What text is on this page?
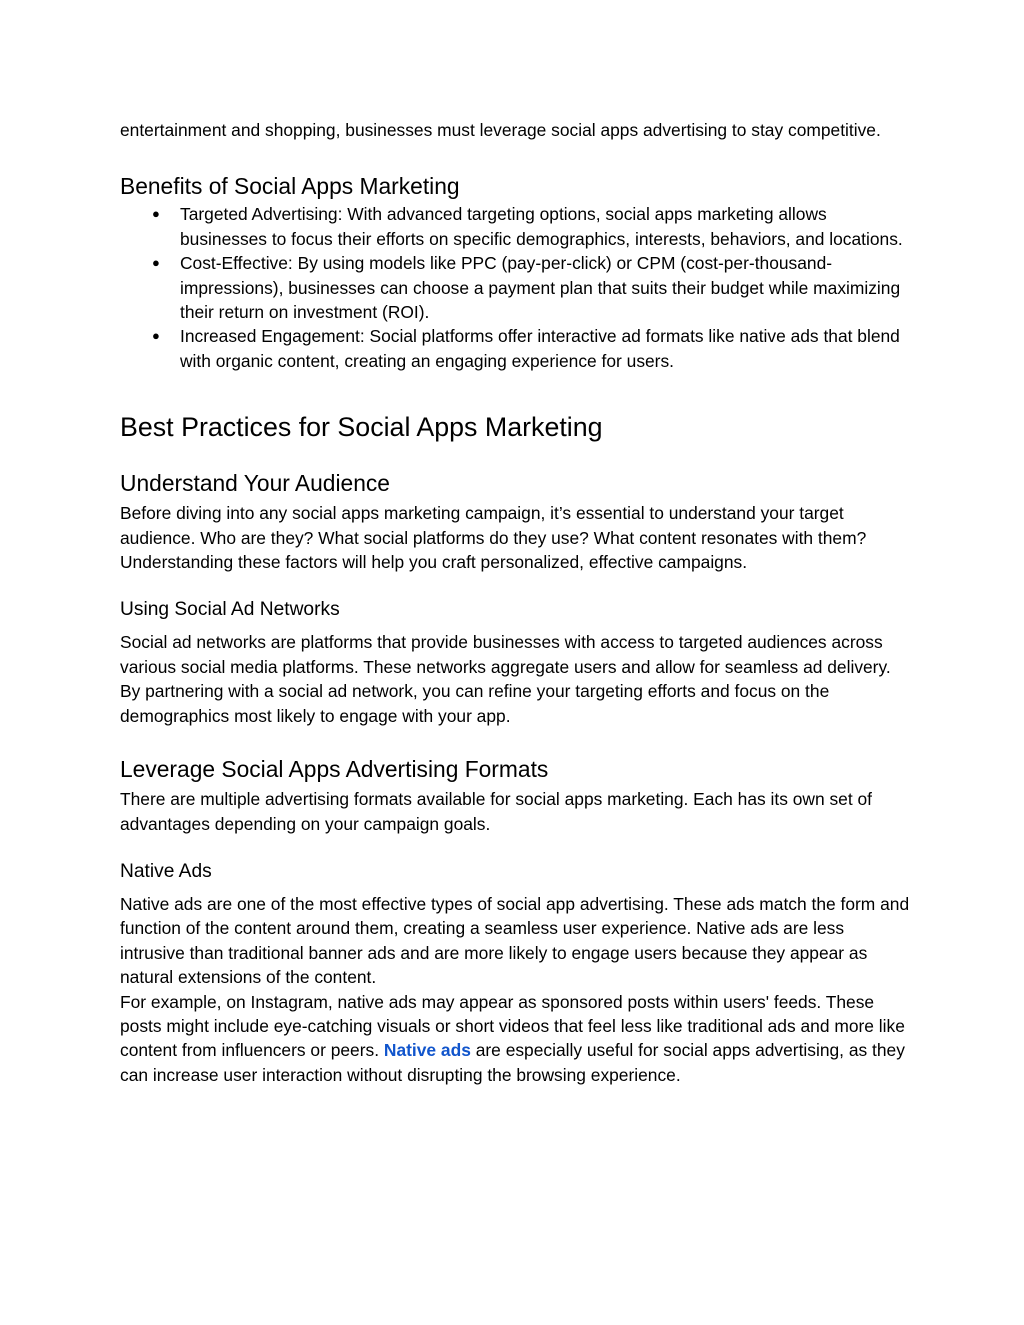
entertainment and shopping, businesses must leverage social apps advertising to stay competitive.

Benefits of Social Apps Marketing
● Targeted Advertising: With advanced targeting options, social apps marketing allows businesses to focus their efforts on specific demographics, interests, behaviors, and locations.
● Cost-Effective: By using models like PPC (pay-per-click) or CPM (cost-per-thousand-impressions), businesses can choose a payment plan that suits their budget while maximizing their return on investment (ROI).
● Increased Engagement: Social platforms offer interactive ad formats like native ads that blend with organic content, creating an engaging experience for users.
Best Practices for Social Apps Marketing
Understand Your Audience

Before diving into any social apps marketing campaign, it’s essential to understand your target audience. Who are they? What social platforms do they use? What content resonates with them? Understanding these factors will help you craft personalized, effective campaigns.

Using Social Ad Networks

Social ad networks are platforms that provide businesses with access to targeted audiences across various social media platforms. These networks aggregate users and allow for seamless ad delivery. By partnering with a social ad network, you can refine your targeting efforts and focus on the demographics most likely to engage with your app.

Leverage Social Apps Advertising Formats

There are multiple advertising formats available for social apps marketing. Each has its own set of advantages depending on your campaign goals.

Native Ads

Native ads are one of the most effective types of social app advertising. These ads match the form and function of the content around them, creating a seamless user experience. Native ads are less intrusive than traditional banner ads and are more likely to engage users because they appear as natural extensions of the content.

For example, on Instagram, native ads may appear as sponsored posts within users' feeds. These posts might include eye-catching visuals or short videos that feel less like traditional ads and more like content from influencers or peers. Native ads are especially useful for social apps advertising, as they can increase user interaction without disrupting the browsing experience.
